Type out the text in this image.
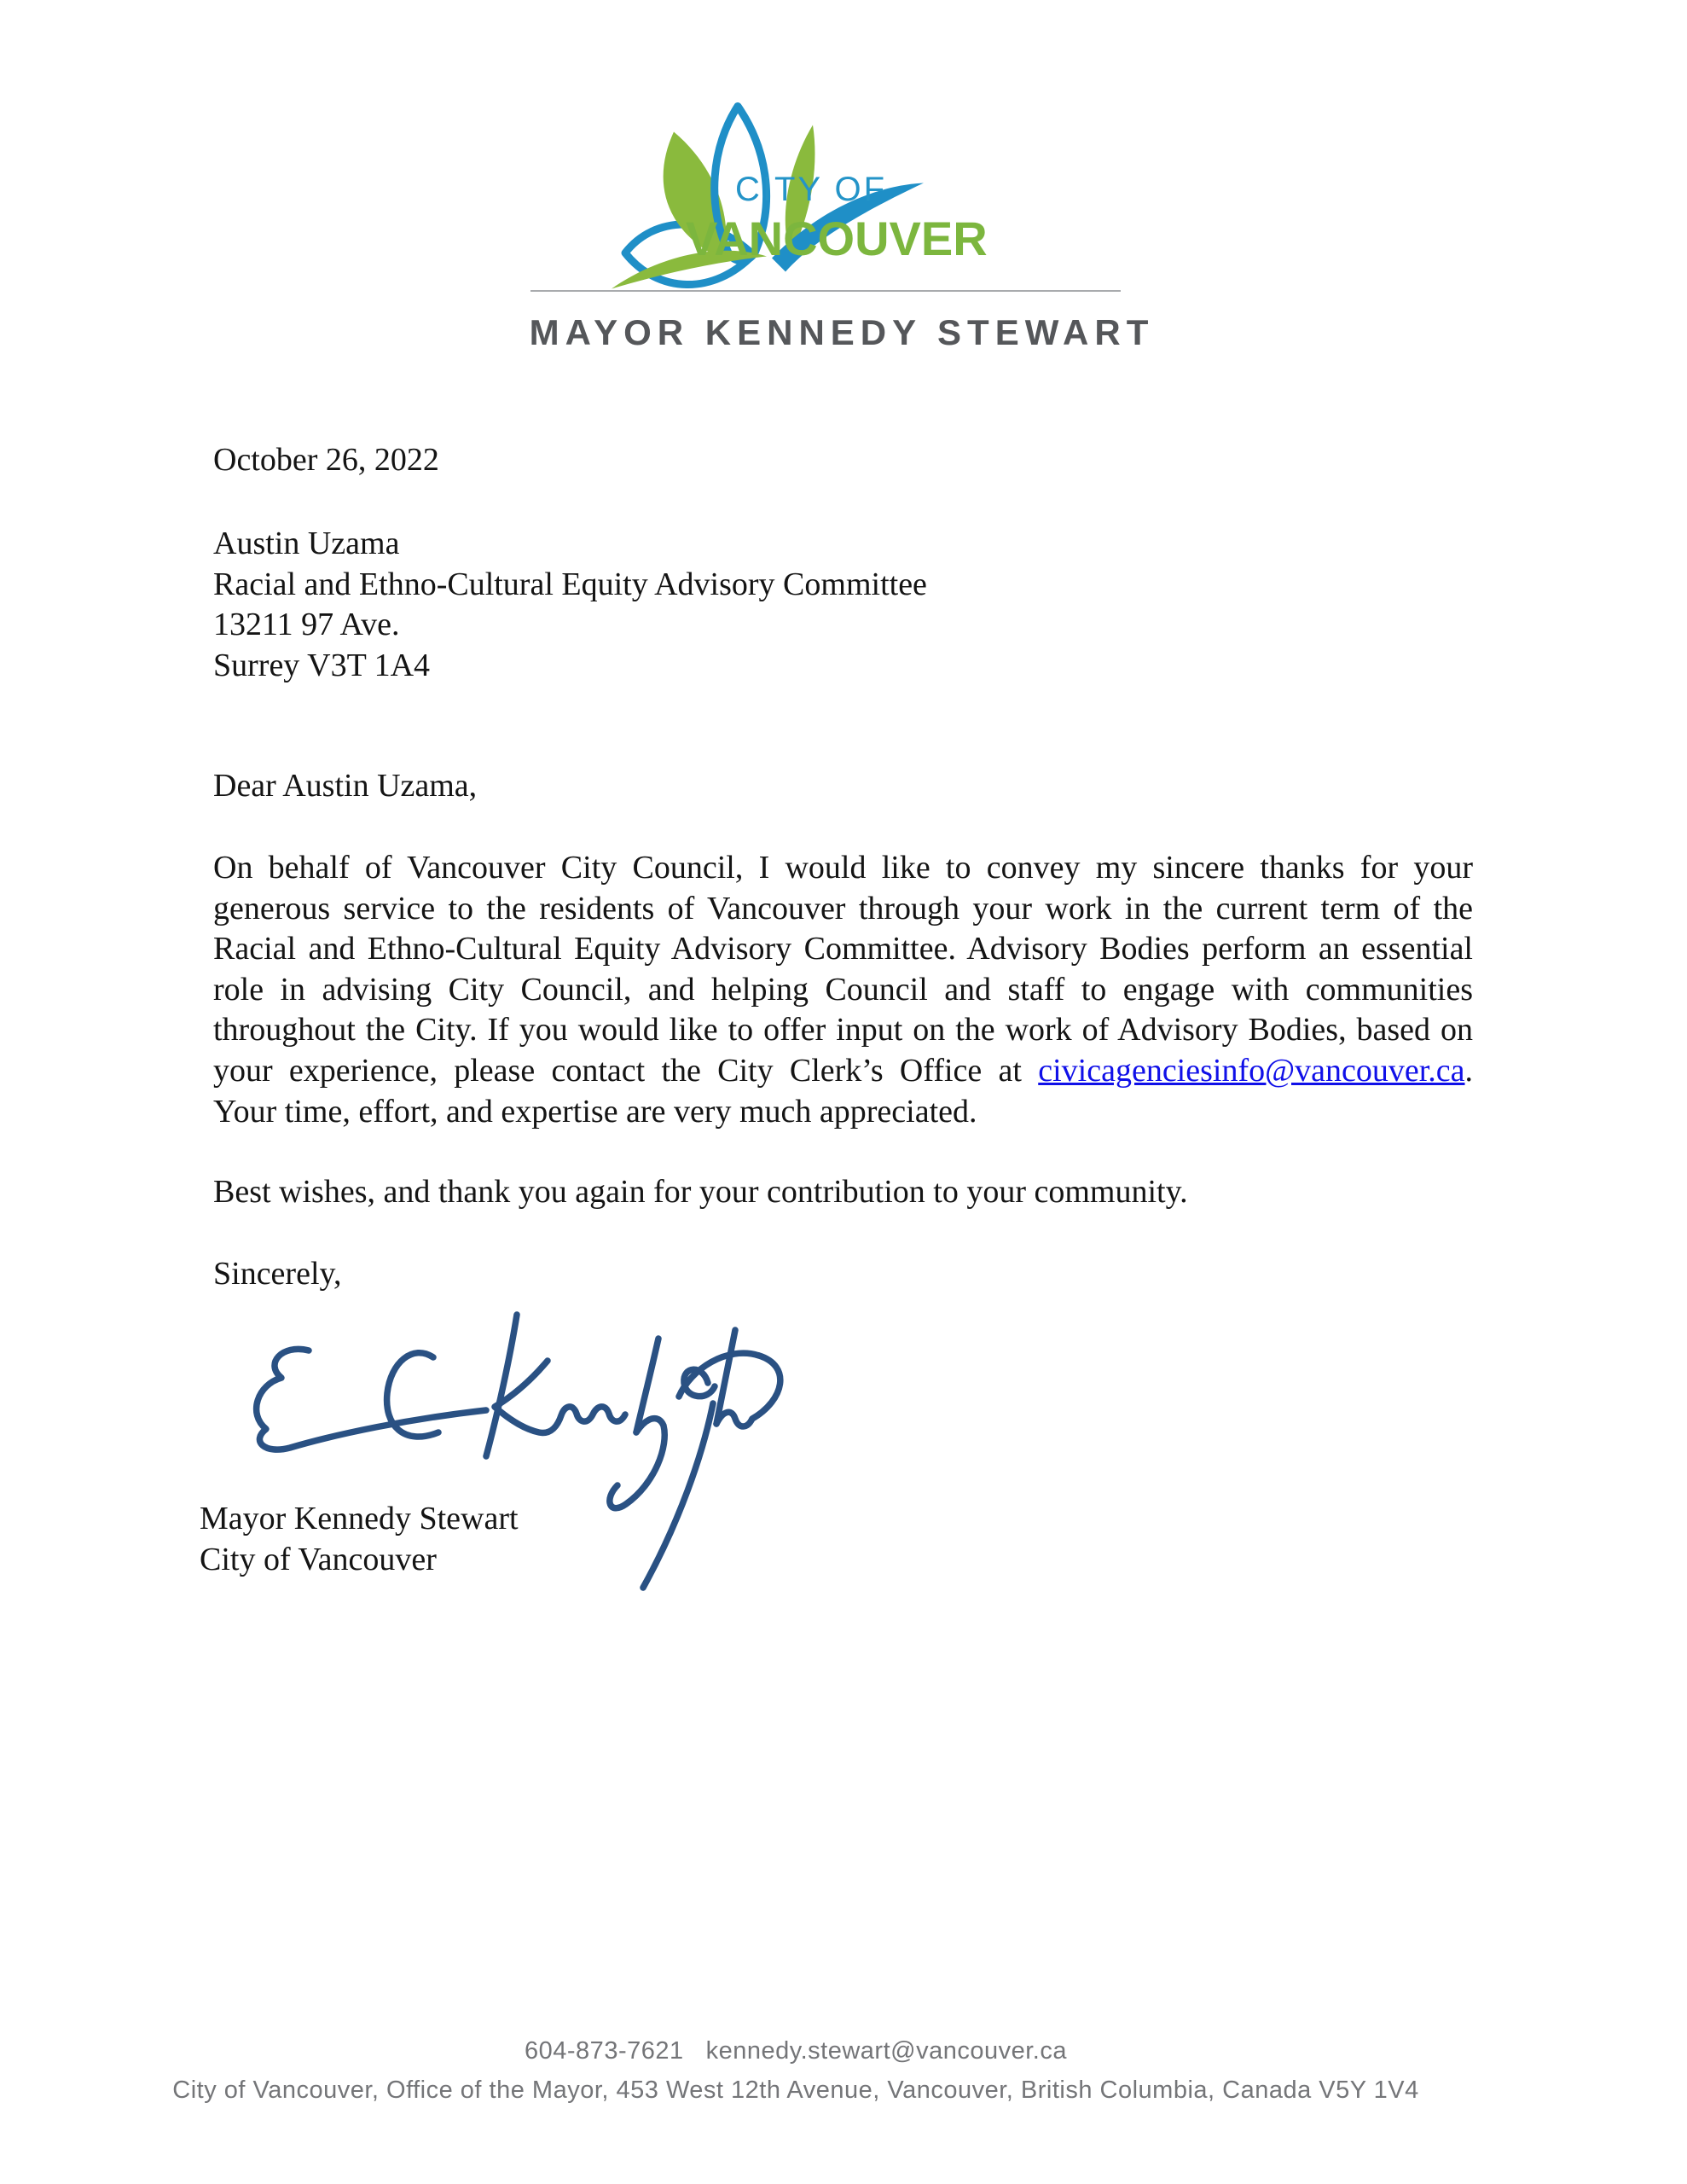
CITY OF
VANCOUVER
MAYOR KENNEDY STEWART
October 26, 2022
Austin Uzama
Racial and Ethno-Cultural Equity Advisory Committee
13211 97 Ave.
Surrey V3T 1A4
Dear Austin Uzama,
On behalf of Vancouver City Council, I would like to convey my sincere thanks for your
generous service to the residents of Vancouver through your work in the current term of the
Racial and Ethno-Cultural Equity Advisory Committee. Advisory Bodies perform an essential
role in advising City Council, and helping Council and staff to engage with communities
throughout the City. If you would like to offer input on the work of Advisory Bodies, based on
your experience, please contact the City Clerk’s Office at civicagenciesinfo@vancouver.ca.
Your time, effort, and expertise are very much appreciated.
Best wishes, and thank you again for your contribution to your community.
Sincerely,
Mayor Kennedy Stewart
City of Vancouver
604-873-7621 kennedy.stewart@vancouver.ca
City of Vancouver, Office of the Mayor, 453 West 12th Avenue, Vancouver, British Columbia, Canada V5Y 1V4
